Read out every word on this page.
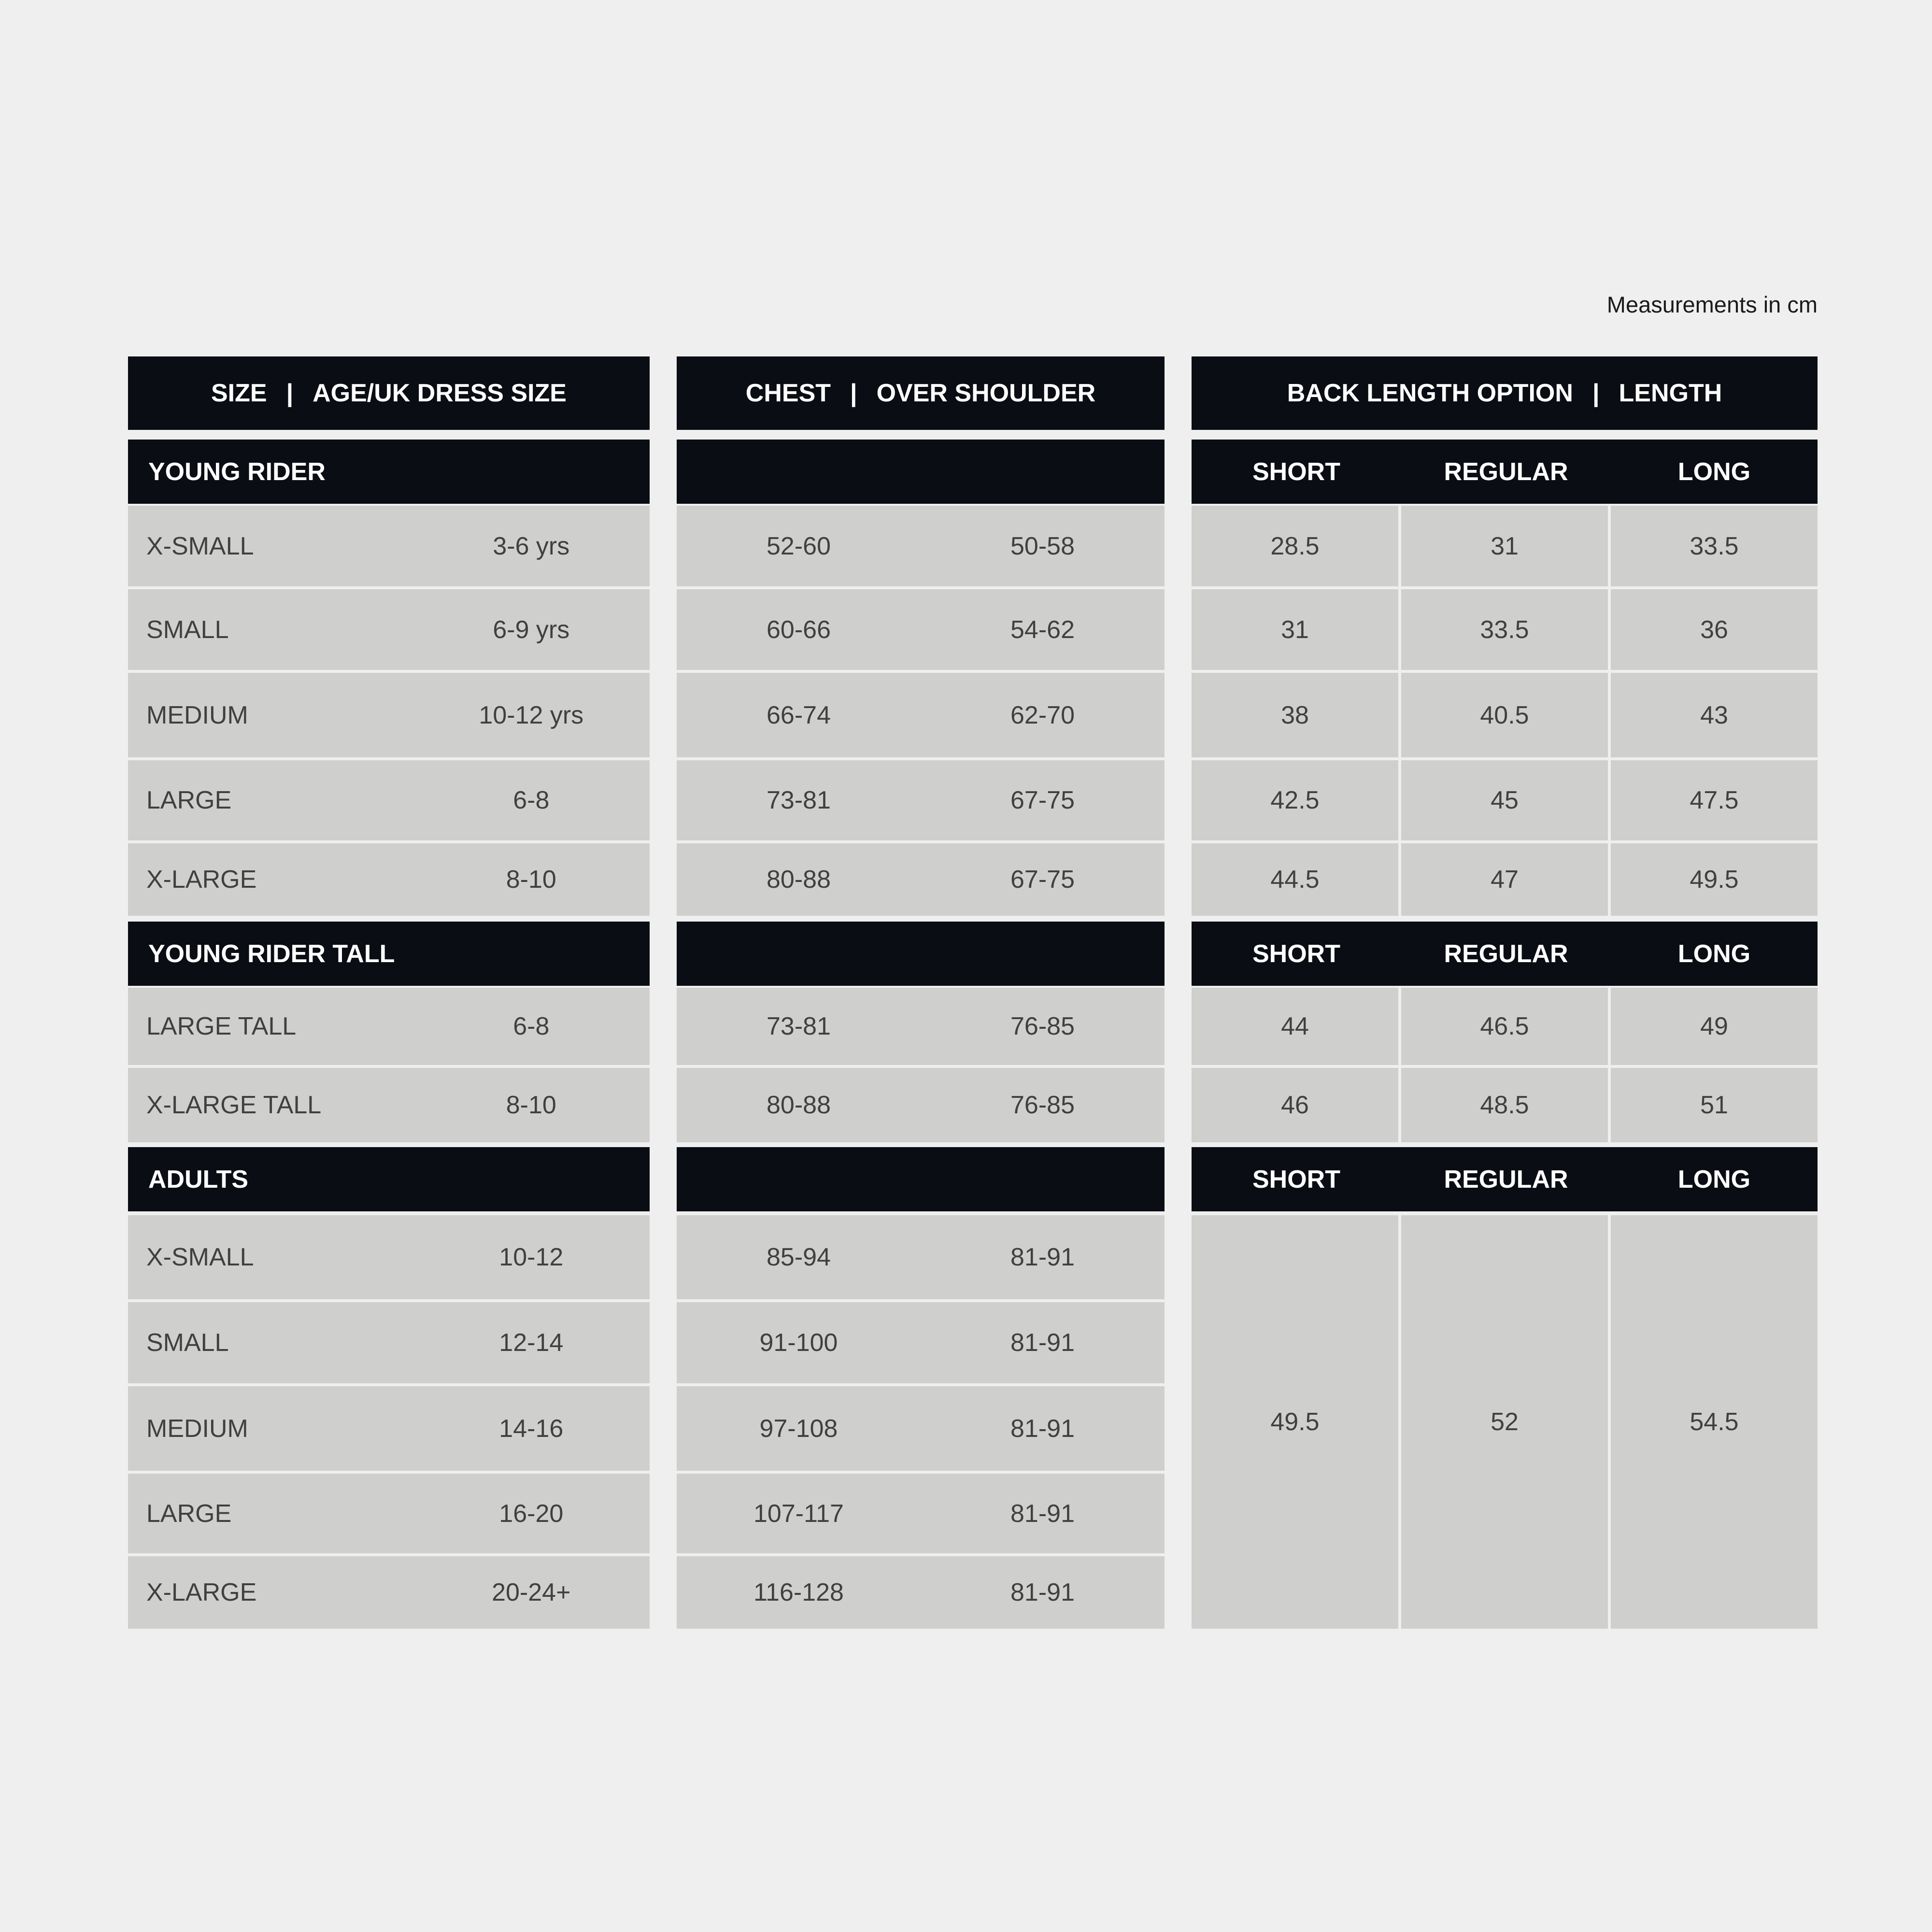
Measurements in cm
SIZE | AGE/UK DRESS SIZE	CHEST | OVER SHOULDER	BACK LENGTH OPTION | LENGTH
YOUNG RIDER	SHORT	REGULAR	LONG
X-SMALL	3-6 yrs	52-60	50-58	28.5	31	33.5
SMALL	6-9 yrs	60-66	54-62	31	33.5	36
MEDIUM	10-12 yrs	66-74	62-70	38	40.5	43
LARGE	6-8	73-81	67-75	42.5	45	47.5
X-LARGE	8-10	80-88	67-75	44.5	47	49.5
YOUNG RIDER TALL	SHORT	REGULAR	LONG
LARGE TALL	6-8	73-81	76-85	44	46.5	49
X-LARGE TALL	8-10	80-88	76-85	46	48.5	51
ADULTS	SHORT	REGULAR	LONG
X-SMALL	10-12	85-94	81-91
SMALL	12-14	91-100	81-91
MEDIUM	14-16	97-108	81-91
LARGE	16-20	107-117	81-91
X-LARGE	20-24+	116-128	81-91
49.5	52	54.5
